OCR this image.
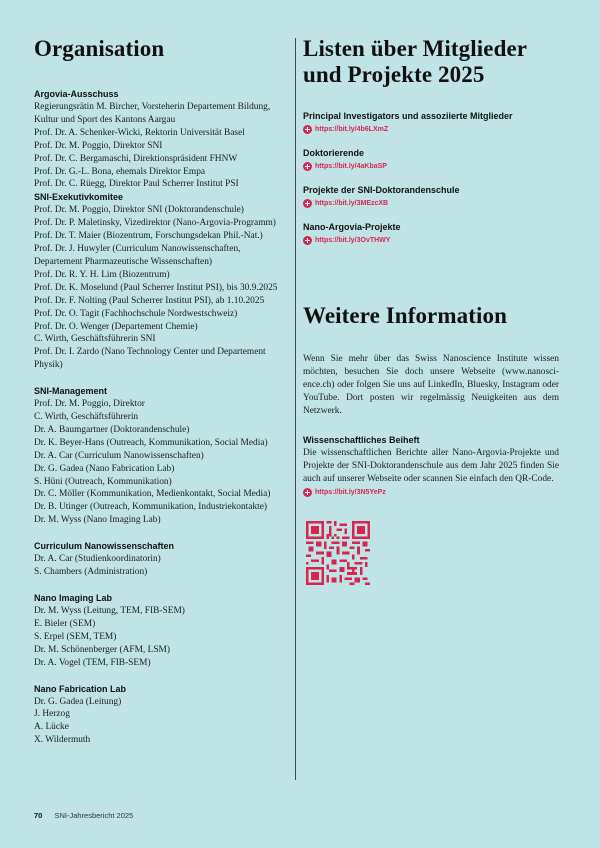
Organisation
Argovia-Ausschuss
Regierungsrätin M. Bircher, Vorsteherin Departement Bildung,
Kultur und Sport des Kantons Aargau
Prof. Dr. A. Schenker-Wicki, Rektorin Universität Basel
Prof. Dr. M. Poggio, Direktor SNI
Prof. Dr. C. Bergamaschi, Direktionspräsident FHNW
Prof. Dr. G.-L. Bona, ehemals Direktor Empa
Prof. Dr. C. Rüegg, Direktor Paul Scherrer Institut PSI
SNI-Exekutivkomitee
Prof. Dr. M. Poggio, Direktor SNI (Doktorandenschule)
Prof. Dr. P. Maletinsky, Vizedirektor (Nano-Argovia-Programm)
Prof. Dr. T. Maier (Biozentrum, Forschungsdekan Phil.-Nat.)
Prof. Dr. J. Huwyler (Curriculum Nanowissenschaften,
Departement Pharmazeutische Wissenschaften)
Prof. Dr. R. Y. H. Lim (Biozentrum)
Prof. Dr. K. Moselund (Paul Scherrer Institut PSI), bis 30.9.2025
Prof. Dr. F. Nolting (Paul Scherrer Institut PSI), ab 1.10.2025
Prof. Dr. O. Tagit (Fachhochschule Nordwestschweiz)
Prof. Dr. O. Wenger (Departement Chemie)
C. Wirth, Geschäftsführerin SNI
Prof. Dr. I. Zardo (Nano Technology Center und Departement
Physik)
SNI-Management
Prof. Dr. M. Poggio, Direktor
C. Wirth, Geschäftsführerin
Dr. A. Baumgartner (Doktorandenschule)
Dr. K. Beyer-Hans (Outreach, Kommunikation, Social Media)
Dr. A. Car (Curriculum Nanowissenschaften)
Dr. G. Gadea (Nano Fabrication Lab)
S. Hüni (Outreach, Kommunikation)
Dr. C. Möller (Kommunikation, Medienkontakt, Social Media)
Dr. B. Utinger (Outreach, Kommunikation, Industriekontakte)
Dr. M. Wyss (Nano Imaging Lab)
Curriculum Nanowissenschaften
Dr. A. Car (Studienkoordinatorin)
S. Chambers (Administration)
Nano Imaging Lab
Dr. M. Wyss (Leitung, TEM, FIB-SEM)
E. Bieler (SEM)
S. Erpel (SEM, TEM)
Dr. M. Schönenberger (AFM, LSM)
Dr. A. Vogel (TEM, FIB-SEM)
Nano Fabrication Lab
Dr. G. Gadea (Leitung)
J. Herzog
A. Lücke
X. Wildermuth
Listen über Mitglieder
und Projekte 2025
Principal Investigators und assoziierte Mitglieder
https://bit.ly/4b6LXmZ
Doktorierende
https://bit.ly/4aKbaSP
Projekte der SNI-Doktorandenschule
https://bit.ly/3MEzcXB
Nano-Argovia-Projekte
https://bit.ly/3OvTHWY
Weitere Information

Wenn Sie mehr über das Swiss Nanoscience Institute wissen möchten, besuchen Sie doch unsere Webseite (www.nanoscience.ch) oder folgen Sie uns auf LinkedIn, Bluesky, Instagram oder YouTube. Dort posten wir regelmässig Neuigkeiten aus dem Netzwerk.

Wissenschaftliches Beiheft

Die wissenschaftlichen Berichte aller Nano-Argovia-Projekte und Projekte der SNI-Doktorandenschule aus dem Jahr 2025 finden Sie auch auf unserer Webseite oder scannen Sie einfach den QR-Code.

https://bit.ly/3N5YePz
70 SNI-Jahresbericht 2025
